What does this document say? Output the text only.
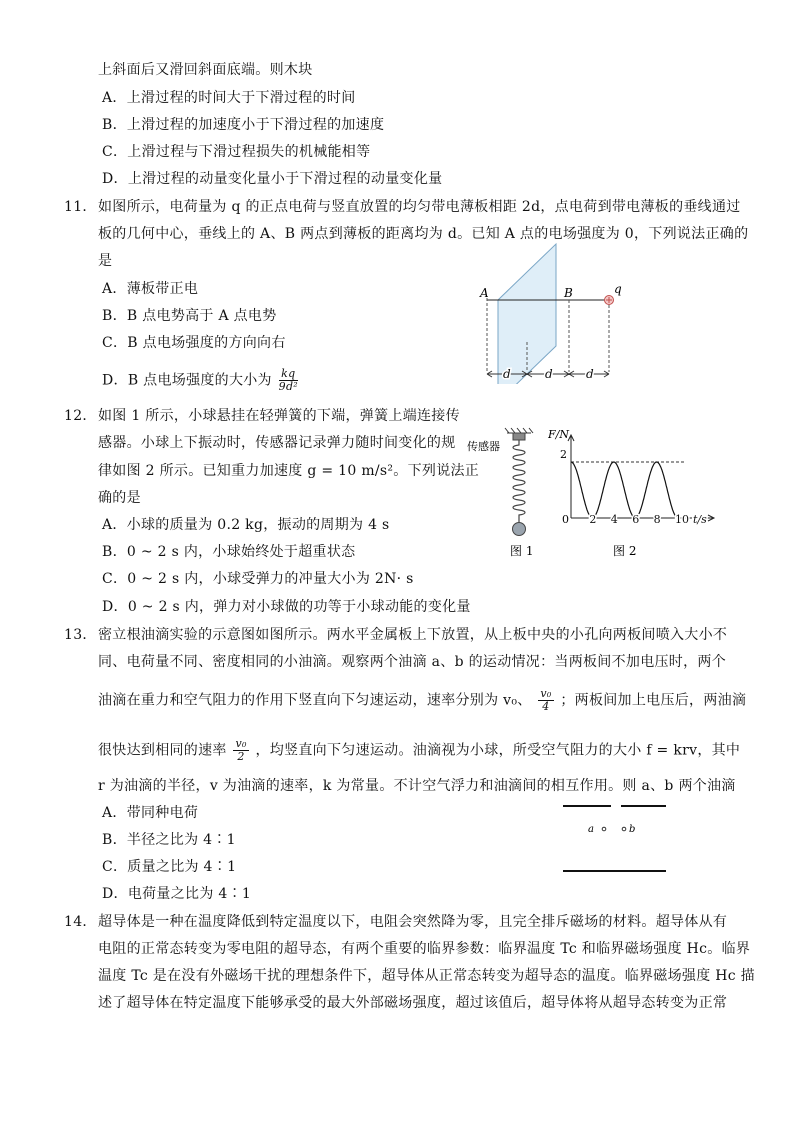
上斜面后又滑回斜面底端。则木块
A．上滑过程的时间大于下滑过程的时间
B．上滑过程的加速度小于下滑过程的加速度
C．上滑过程与下滑过程损失的机械能相等
D．上滑过程的动量变化量小于下滑过程的动量变化量
11． 如图所示，电荷量为 q 的正点电荷与竖直放置的均匀带电薄板相距 2d，点电荷到带电薄板的垂线通过
板的几何中心，垂线上的 A、B 两点到薄板的距离均为 d。已知 A 点的电场强度为 0，下列说法正确的
是
A．薄板带正电
B．B 点电势高于 A 点电势
C．B 点电场强度的方向向右
D．B 点电场强度的大小为 $\frac{kq}{\text{9d²}}$
A	B	q
d	d	d
12． 如图 1 所示，小球悬挂在轻弹簧的下端，弹簧上端连接传
感器。小球上下振动时，传感器记录弹力随时间变化的规
律如图 2 所示。已知重力加速度 g = 10 m/s²。下列说法正
确的是
A．小球的质量为 0.2 kg，振动的周期为 4 s
B．0 ~ 2 s 内，小球始终处于超重状态
C．0 ~ 2 s 内，小球受弹力的冲量大小为 2N· s
D．0 ~ 2 s 内，弹力对小球做的功等于小球动能的变化量
传感器
图 1
F/N
t/s
2
0 2 4 6 8 10
图 2
13． 密立根油滴实验的示意图如图所示。两水平金属板上下放置，从上板中央的小孔向两板间喷入大小不
同、电荷量不同、密度相同的小油滴。观察两个油滴 a、b 的运动情况：当两板间不加电压时，两个
油滴在重力和空气阻力的作用下竖直向下匀速运动，速率分别为 v₀、 $\frac{\text{v₀}}{4}$ ；两板间加上电压后，两油滴
很快达到相同的速率 $\frac{\text{v₀}}{2}$ ，均竖直向下匀速运动。油滴视为小球，所受空气阻力的大小 f = krv，其中
r 为油滴的半径，v 为油滴的速率，k 为常量。不计空气浮力和油滴间的相互作用。则 a、b 两个油滴
A．带同种电荷
B．半径之比为 4∶1
C．质量之比为 4∶1
D．电荷量之比为 4∶1
a	b
14． 超导体是一种在温度降低到特定温度以下，电阻会突然降为零，且完全排斥磁场的材料。超导体从有
电阻的正常态转变为零电阻的超导态，有两个重要的临界参数：临界温度 Tc 和临界磁场强度 Hc。临界
温度 Tc 是在没有外磁场干扰的理想条件下，超导体从正常态转变为超导态的温度。临界磁场强度 Hc 描
述了超导体在特定温度下能够承受的最大外部磁场强度，超过该值后，超导体将从超导态转变为正常
